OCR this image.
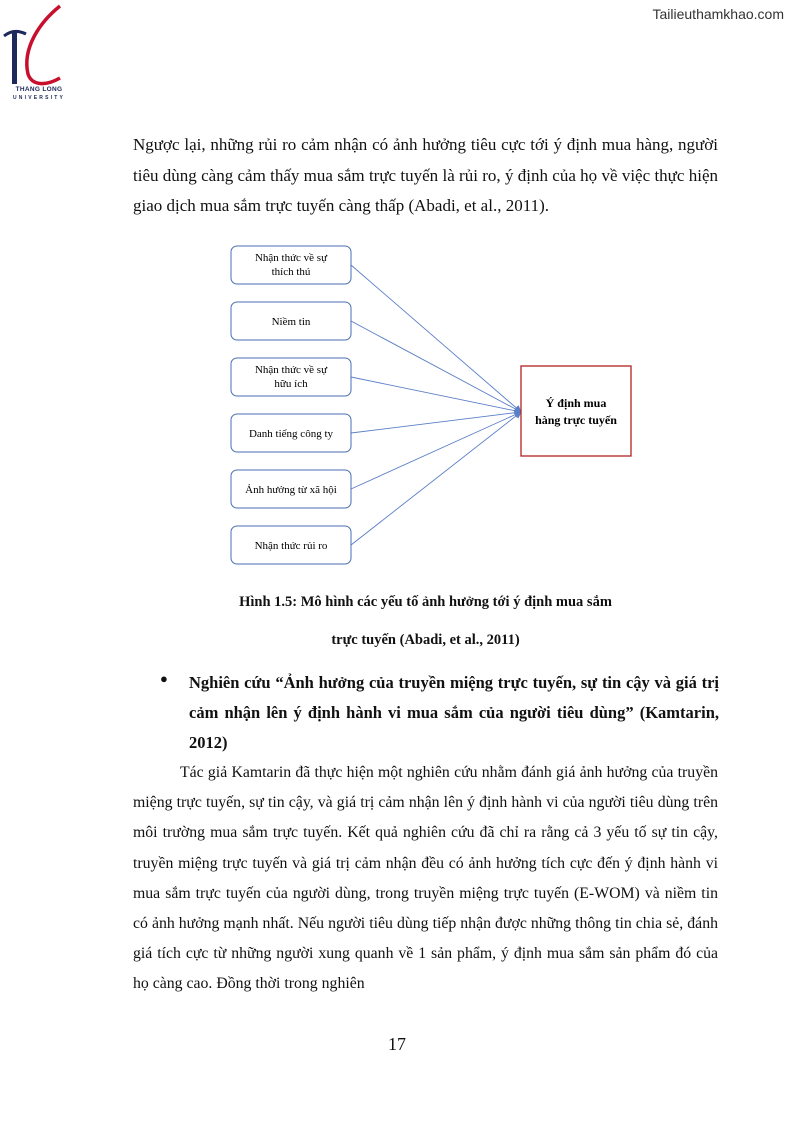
Tailieuthamkhao.com
THANG LONG
UNIVERSITY

Ngược lại, những rủi ro cảm nhận có ảnh hưởng tiêu cực tới ý định mua hàng, người tiêu dùng càng cảm thấy mua sắm trực tuyến là rủi ro, ý định của họ về việc thực hiện giao dịch mua sắm trực tuyến càng thấp (Abadi, et al., 2011).

Nhận thức về sự
thích thú
Niềm tin
Nhận thức về sự
hữu ích
Danh tiếng công ty
Ảnh hưởng từ xã hội
Nhận thức rủi ro
Ý định mua
hàng trực tuyến
Hình 1.5: Mô hình các yếu tố ảnh hưởng tới ý định mua sắm
trực tuyến (Abadi, et al., 2011)
● Nghiên cứu “Ảnh hưởng của truyền miệng trực tuyến, sự tin cậy và giá trị cảm nhận lên ý định hành vi mua sắm của người tiêu dùng” (Kamtarin, 2012)

Tác giả Kamtarin đã thực hiện một nghiên cứu nhằm đánh giá ảnh hưởng của truyền miệng trực tuyến, sự tin cậy, và giá trị cảm nhận lên ý định hành vi của người tiêu dùng trên môi trường mua sắm trực tuyến. Kết quả nghiên cứu đã chỉ ra rằng cả 3 yếu tố sự tin cậy, truyền miệng trực tuyến và giá trị cảm nhận đều có ảnh hưởng tích cực đến ý định hành vi mua sắm trực tuyến của người dùng, trong truyền miệng trực tuyến (E-WOM) và niềm tin có ảnh hưởng mạnh nhất. Nếu người tiêu dùng tiếp nhận được những thông tin chia sẻ, đánh giá tích cực từ những người xung quanh về 1 sản phẩm, ý định mua sắm sản phẩm đó của họ càng cao. Đồng thời trong nghiên

17
